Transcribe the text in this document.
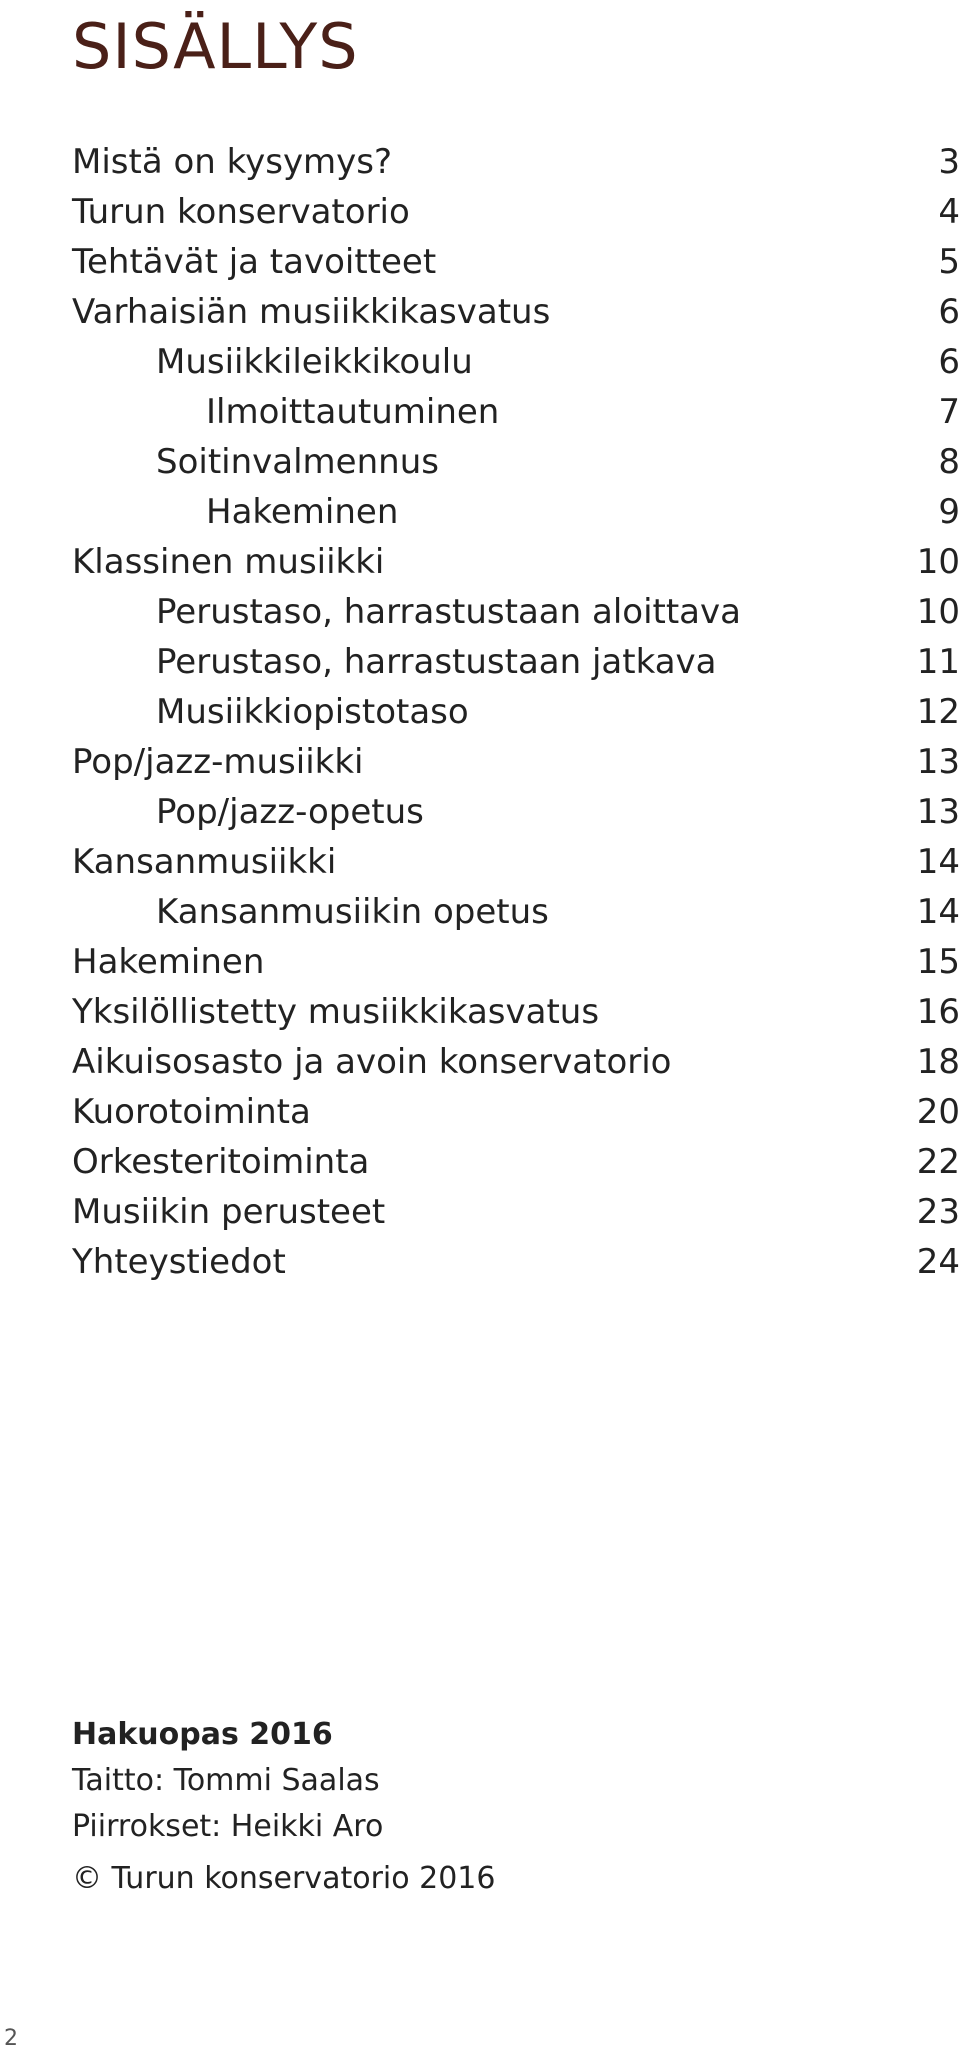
SISÄLLYS
Mistä on kysymys?	3
Turun konservatorio	4
Tehtävät ja tavoitteet	5
Varhaisiän musiikkikasvatus	6
Musiikkileikkikoulu	6
Ilmoittautuminen	7
Soitinvalmennus	8
Hakeminen	9
Klassinen musiikki	10
Perustaso, harrastustaan aloittava	10
Perustaso, harrastustaan jatkava	11
Musiikkiopistotaso	12
Pop/jazz-musiikki	13
Pop/jazz-opetus	13
Kansanmusiikki	14
Kansanmusiikin opetus	14
Hakeminen	15
Yksilöllistetty musiikkikasvatus	16
Aikuisosasto ja avoin konservatorio	18
Kuorotoiminta	20
Orkesteritoiminta	22
Musiikin perusteet	23
Yhteystiedot	24
Hakuopas 2016
Taitto: Tommi Saalas
Piirrokset: Heikki Aro
© Turun konservatorio 2016
2
